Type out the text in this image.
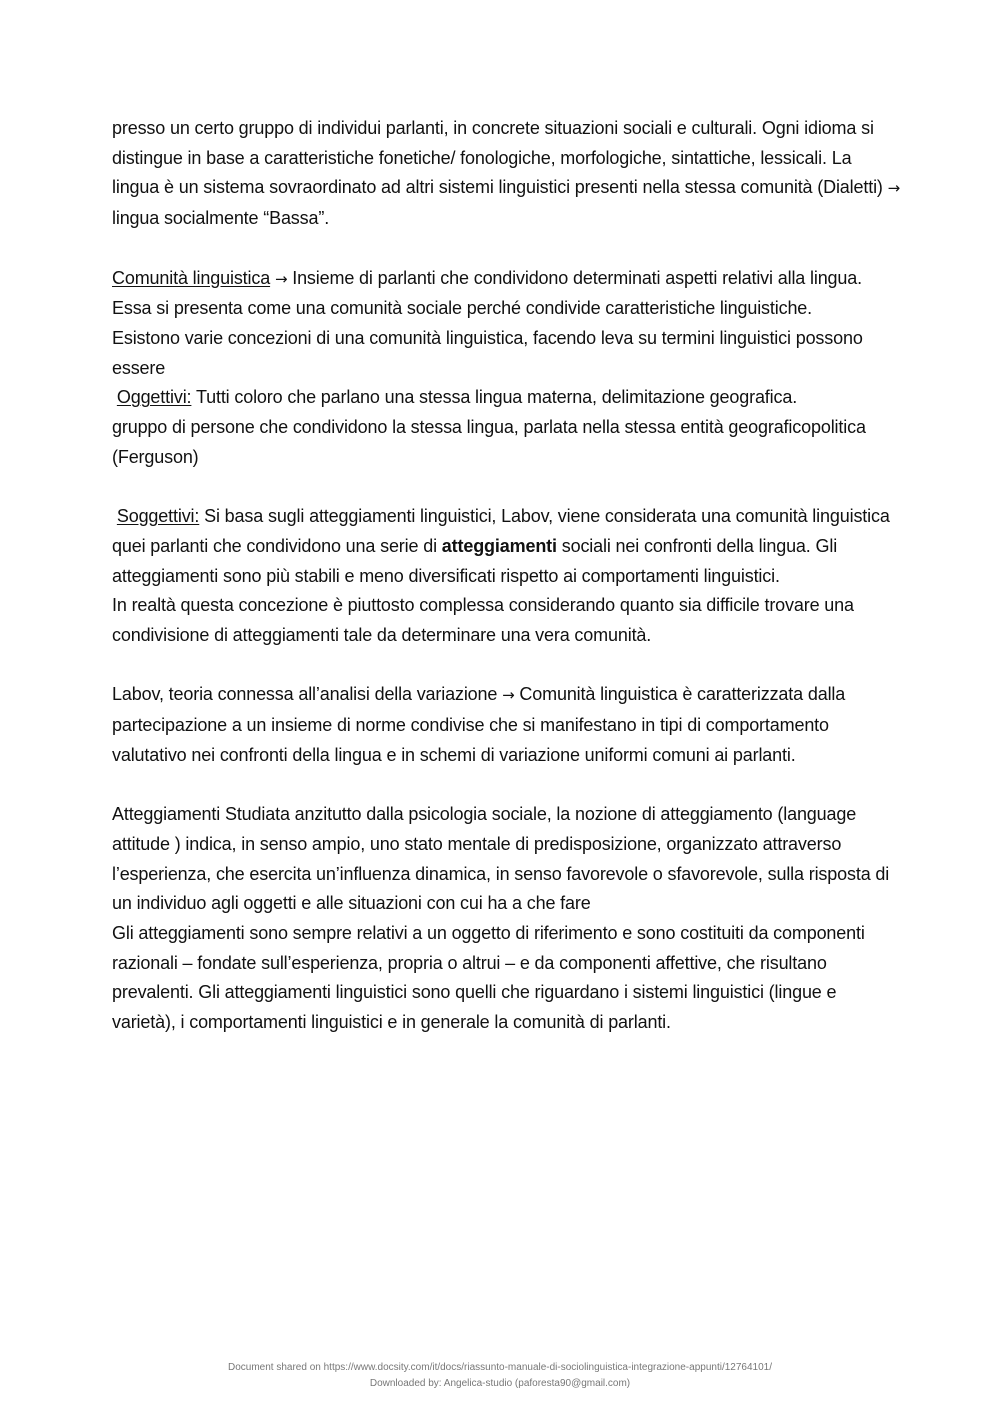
presso un certo gruppo di individui parlanti, in concrete situazioni sociali e culturali. Ogni idioma si distingue in base a caratteristiche fonetiche/ fonologiche, morfologiche, sintattiche, lessicali. La lingua è un sistema sovraordinato ad altri sistemi linguistici presenti nella stessa comunità (Dialetti) → lingua socialmente “Bassa”.

Comunità linguistica → Insieme di parlanti che condividono determinati aspetti relativi alla lingua. Essa si presenta come una comunità sociale perché condivide caratteristiche linguistiche.

Esistono varie concezioni di una comunità linguistica, facendo leva su termini linguistici possono essere

Oggettivi: Tutti coloro che parlano una stessa lingua materna, delimitazione geografica.

gruppo di persone che condividono la stessa lingua, parlata nella stessa entità geograficopolitica (Ferguson)

Soggettivi: Si basa sugli atteggiamenti linguistici, Labov, viene considerata una comunità linguistica quei parlanti che condividono una serie di atteggiamenti sociali nei confronti della lingua. Gli atteggiamenti sono più stabili e meno diversificati rispetto ai comportamenti linguistici.

In realtà questa concezione è piuttosto complessa considerando quanto sia difficile trovare una condivisione di atteggiamenti tale da determinare una vera comunità.

Labov, teoria connessa all’analisi della variazione → Comunità linguistica è caratterizzata dalla partecipazione a un insieme di norme condivise che si manifestano in tipi di comportamento valutativo nei confronti della lingua e in schemi di variazione uniformi comuni ai parlanti.

Atteggiamenti Studiata anzitutto dalla psicologia sociale, la nozione di atteggiamento (language attitude ) indica, in senso ampio, uno stato mentale di predisposizione, organizzato attraverso l’esperienza, che esercita un’influenza dinamica, in senso favorevole o sfavorevole, sulla risposta di un individuo agli oggetti e alle situazioni con cui ha a che fare

Gli atteggiamenti sono sempre relativi a un oggetto di riferimento e sono costituiti da componenti razionali – fondate sull’esperienza, propria o altrui – e da componenti affettive, che risultano prevalenti. Gli atteggiamenti linguistici sono quelli che riguardano i sistemi linguistici (lingue e varietà), i comportamenti linguistici e in generale la comunità di parlanti.

Document shared on https://www.docsity.com/it/docs/riassunto-manuale-di-sociolinguistica-integrazione-appunti/12764101/
Downloaded by: Angelica-studio (paforesta90@gmail.com)
